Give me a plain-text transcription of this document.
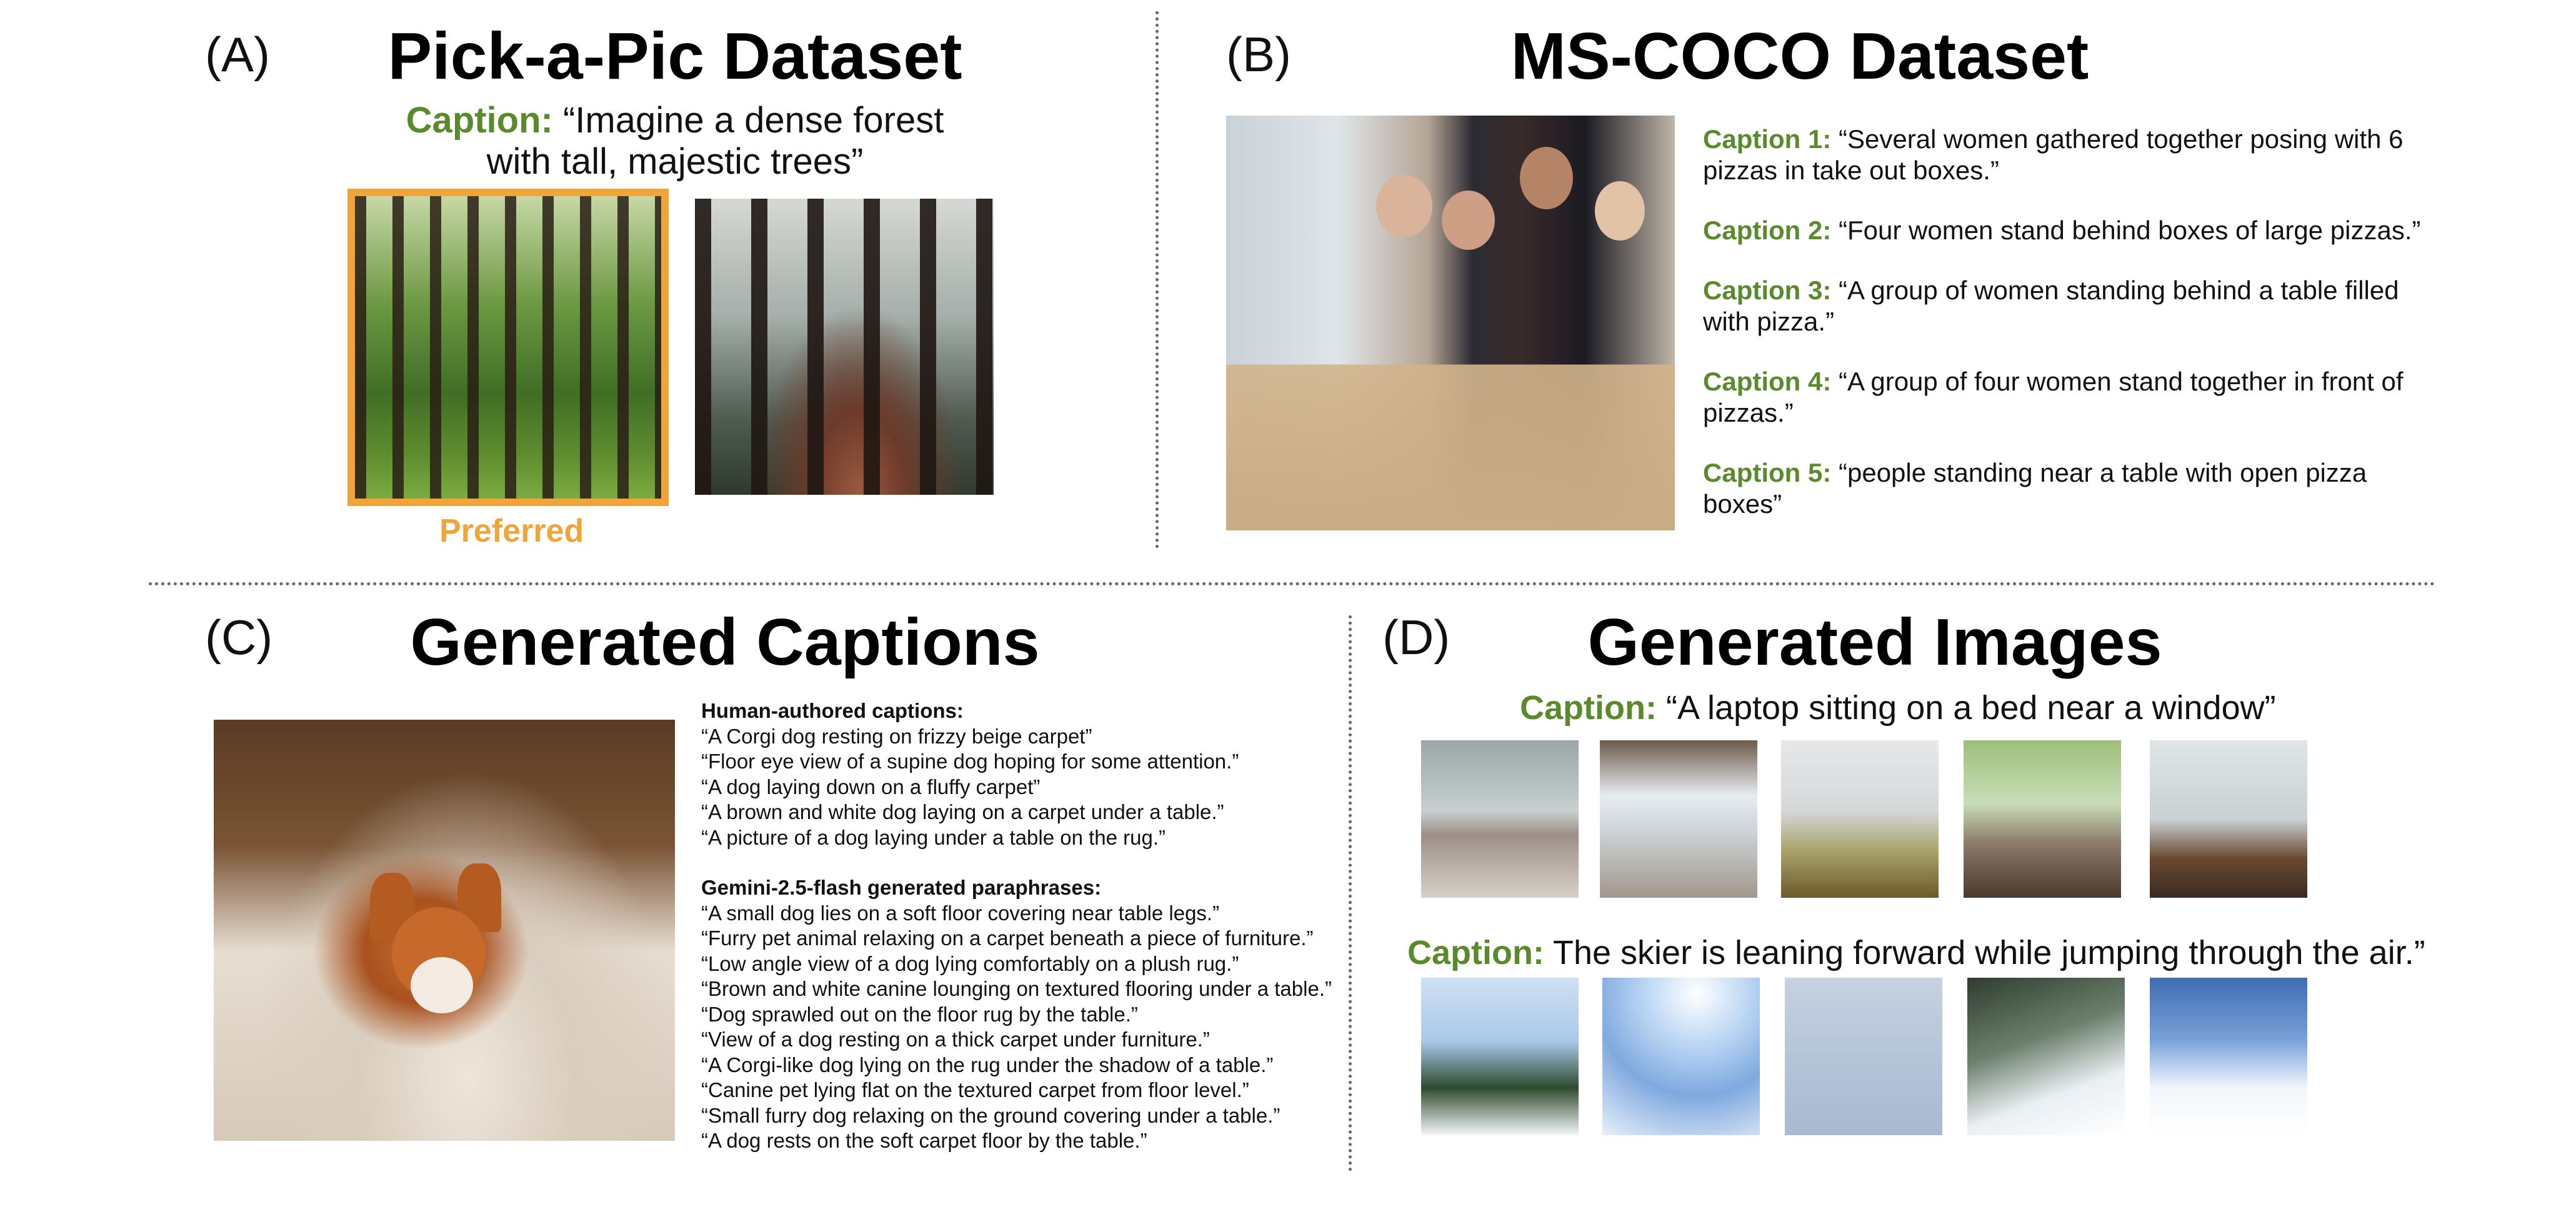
(A)	Pick-a-Pic Dataset
Caption: “Imagine a dense forest
with tall, majestic trees”
Preferred
(B)	MS-COCO Dataset
Caption 1: “Several women gathered together posing with 6
pizzas in take out boxes.”
Caption 2: “Four women stand behind boxes of large pizzas.”
Caption 3: “A group of women standing behind a table filled
with pizza.”
Caption 4: “A group of four women stand together in front of
pizzas.”
Caption 5: “people standing near a table with open pizza
boxes”
(C) Generated Captions
Human-authored captions:
“A Corgi dog resting on frizzy beige carpet”
“Floor eye view of a supine dog hoping for some attention.”
“A dog laying down on a fluffy carpet”
“A brown and white dog laying on a carpet under a table.”
“A picture of a dog laying under a table on the rug.”
Gemini-2.5-flash generated paraphrases:
“A small dog lies on a soft floor covering near table legs.”
“Furry pet animal relaxing on a carpet beneath a piece of furniture.”
“Low angle view of a dog lying comfortably on a plush rug.”
“Brown and white canine lounging on textured flooring under a table.”
“Dog sprawled out on the floor rug by the table.”
“View of a dog resting on a thick carpet under furniture.”
“A Corgi-like dog lying on the rug under the shadow of a table.”
“Canine pet lying flat on the textured carpet from floor level.”
“Small furry dog relaxing on the ground covering under a table.”
“A dog rests on the soft carpet floor by the table.”
(D)	Generated Images
Caption: “A laptop sitting on a bed near a window”
Caption: The skier is leaning forward while jumping through the air.”
